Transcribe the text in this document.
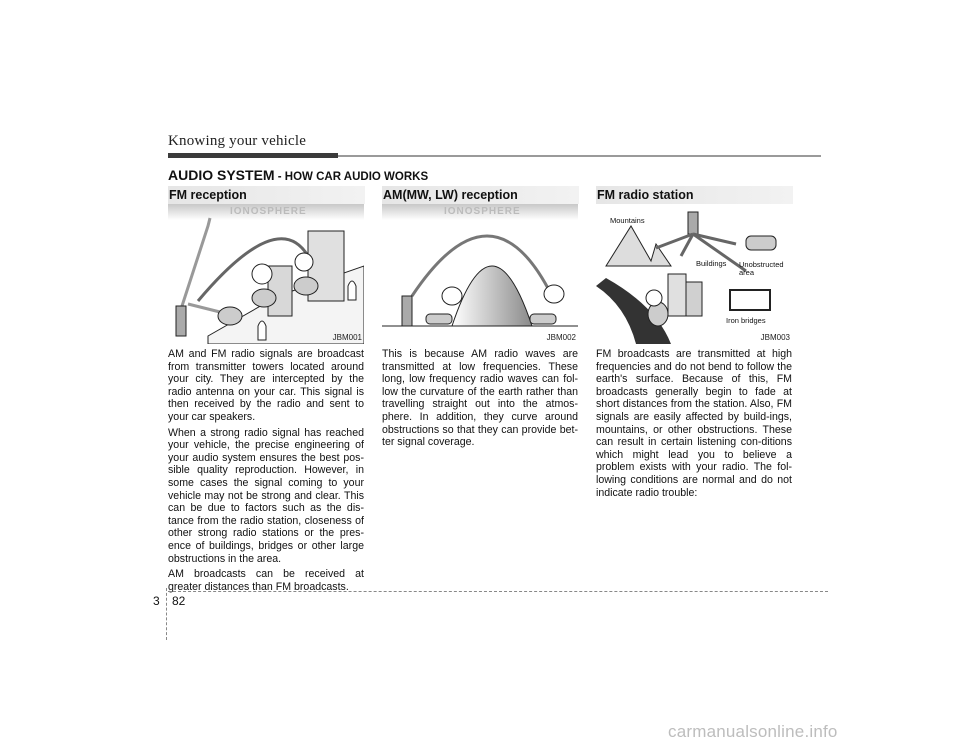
Knowing your vehicle
AUDIO SYSTEM - HOW CAR AUDIO WORKS
IONOSPHERE
JBM001
FM reception
IONOSPHERE
JBM002
AM(MW, LW) reception
Mountains
Buildings Unobstructed
area
Iron bridges
JBM003
FM radio station

AM and FM radio signals are broadcast from transmitter towers located around your city. They are intercepted by the radio antenna on your car. This signal is then received by the radio and sent to your car speakers.

When a strong radio signal has reached your vehicle, the precise engineering of your audio system ensures the best pos-sible quality reproduction. However, in some cases the signal coming to your vehicle may not be strong and clear. This can be due to factors such as the dis-tance from the radio station, closeness of other strong radio stations or the pres-ence of buildings, bridges or other large obstructions in the area.

AM broadcasts can be received at greater distances than FM broadcasts.

This is because AM radio waves are transmitted at low frequencies. These long, low frequency radio waves can fol-low the curvature of the earth rather than travelling straight out into the atmos-phere. In addition, they curve around obstructions so that they can provide bet-ter signal coverage.

FM broadcasts are transmitted at high frequencies and do not bend to follow the earth's surface. Because of this, FM broadcasts generally begin to fade at short distances from the station. Also, FM signals are easily affected by build-ings, mountains, or other obstructions. These can result in certain listening con-ditions which might lead you to believe a problem exists with your radio. The fol-lowing conditions are normal and do not indicate radio trouble:

3 82
carmanualsonline.info
